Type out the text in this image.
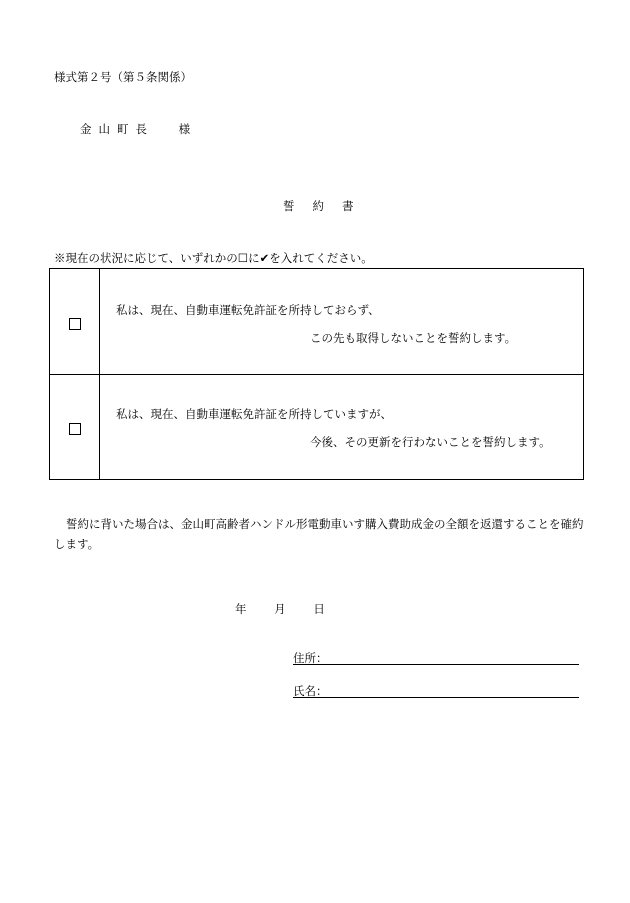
様式第２号（第５条関係）
金山町長 様
誓約書
※現在の状況に応じて、いずれかの☐に✔を入れてください。
私は、現在、自動車運転免許証を所持しておらず、
この先も取得しないことを誓約します。
私は、現在、自動車運転免許証を所持していますが、
今後、その更新を行わないことを誓約します。
誓約に背いた場合は、金山町高齢者ハンドル形電動車いす購入費助成金の全額を返還することを確約します。
年 月 日
住所：
氏名：
